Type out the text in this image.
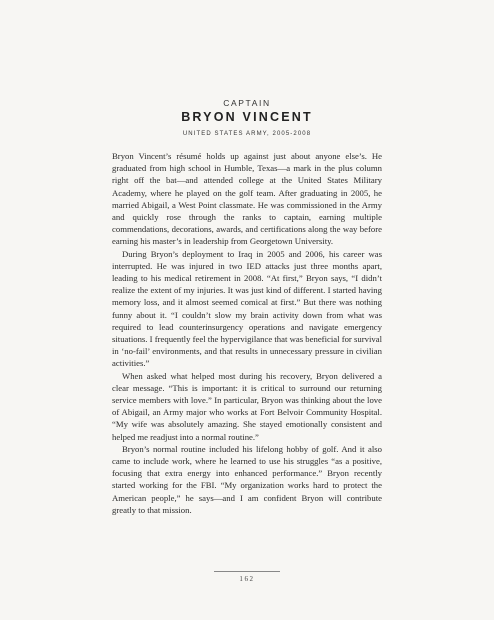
CAPTAIN
BRYON VINCENT
UNITED STATES ARMY, 2005-2008

Bryon Vincent’s résumé holds up against just about anyone else’s. He graduated from high school in Humble, Texas—a mark in the plus column right off the bat—and attended college at the United States Military Academy, where he played on the golf team. After graduating in 2005, he married Abigail, a West Point classmate. He was commissioned in the Army and quickly rose through the ranks to captain, earning multiple commendations, decorations, awards, and certifications along the way before earning his master’s in leadership from Georgetown University.

During Bryon’s deployment to Iraq in 2005 and 2006, his career was interrupted. He was injured in two IED attacks just three months apart, leading to his medical retirement in 2008. “At first,” Bryon says, “I didn’t realize the extent of my injuries. It was just kind of different. I started having memory loss, and it almost seemed comical at first.” But there was nothing funny about it. “I couldn’t slow my brain activity down from what was required to lead counterinsurgency operations and navigate emergency situations. I frequently feel the hypervigilance that was beneficial for survival in ‘no-fail’ environments, and that results in unnecessary pressure in civilian activities.”

When asked what helped most during his recovery, Bryon delivered a clear message. “This is important: it is critical to surround our returning service members with love.” In particular, Bryon was thinking about the love of Abigail, an Army major who works at Fort Belvoir Community Hospital. “My wife was absolutely amazing. She stayed emotionally consistent and helped me readjust into a normal routine.”

Bryon’s normal routine included his lifelong hobby of golf. And it also came to include work, where he learned to use his struggles “as a positive, focusing that extra energy into enhanced performance.” Bryon recently started working for the FBI. “My organization works hard to protect the American people,” he says—and I am confident Bryon will contribute greatly to that mission.

162
